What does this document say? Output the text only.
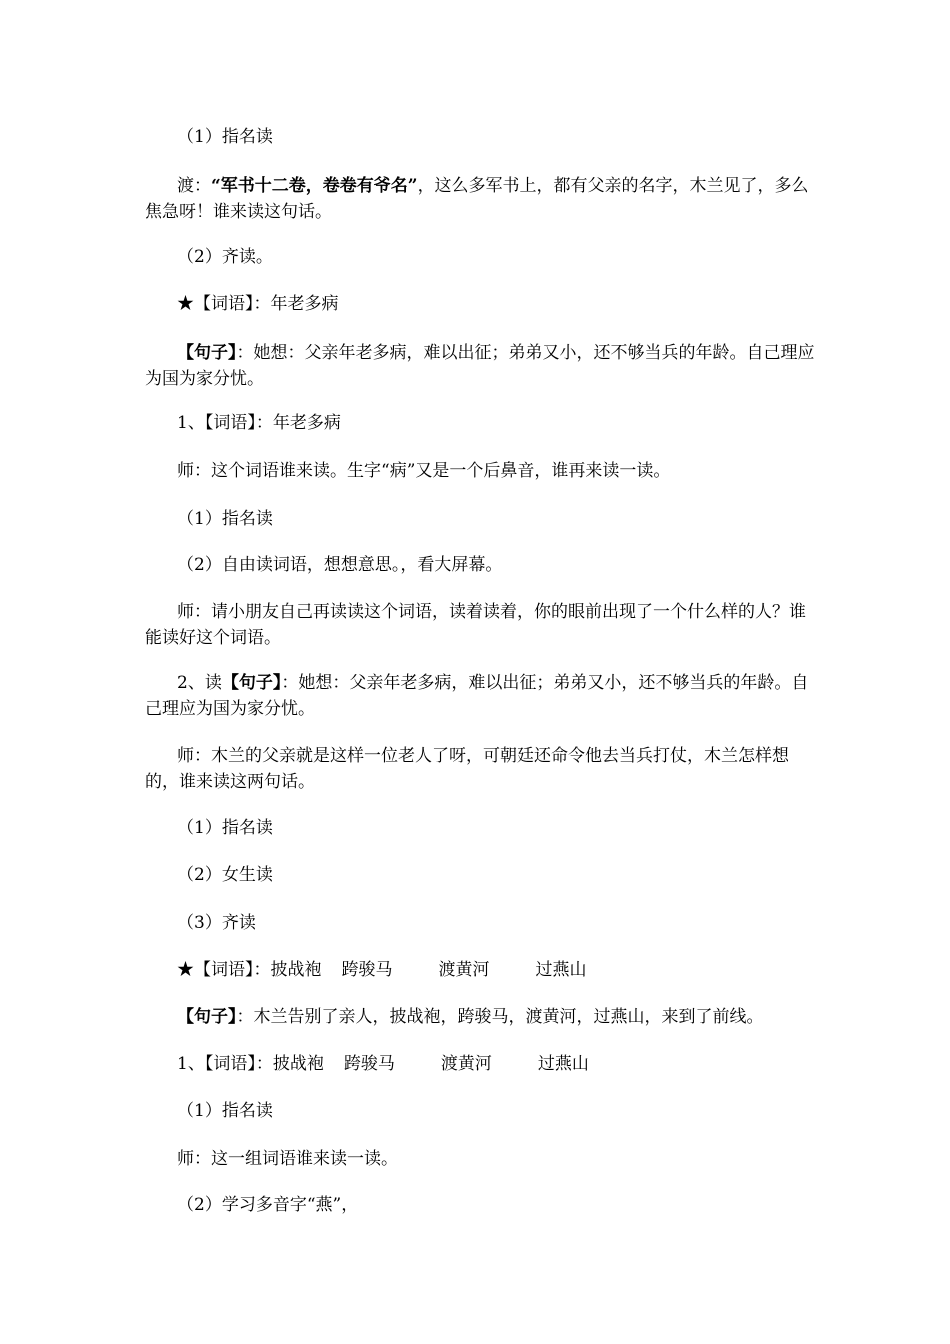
（1）指名读
渡：“军书十二卷，卷卷有爷名”，这么多军书上，都有父亲的名字，木兰见了，多么焦急呀！谁来读这句话。
（2）齐读。
★【词语】：年老多病
【句子】：她想：父亲年老多病，难以出征；弟弟又小，还不够当兵的年龄。自己理应为国为家分忧。
1、【词语】：年老多病
师：这个词语谁来读。生字“病”又是一个后鼻音，谁再来读一读。
（1）指名读
（2）自由读词语，想想意思。，看大屏幕。
师：请小朋友自己再读读这个词语，读着读着，你的眼前出现了一个什么样的人？谁能读好这个词语。
2、读【句子】：她想：父亲年老多病，难以出征；弟弟又小，还不够当兵的年龄。自己理应为国为家分忧。
师：木兰的父亲就是这样一位老人了呀，可朝廷还命令他去当兵打仗，木兰怎样想的，谁来读这两句话。
（1）指名读
（2）女生读
（3）齐读
★【词语】：披战袍 跨骏马	渡黄河	过燕山
【句子】：木兰告别了亲人，披战袍，跨骏马，渡黄河，过燕山，来到了前线。
1、【词语】：披战袍 跨骏马	渡黄河	过燕山
（1）指名读
师：这一组词语谁来读一读。
（2）学习多音字“燕”，
